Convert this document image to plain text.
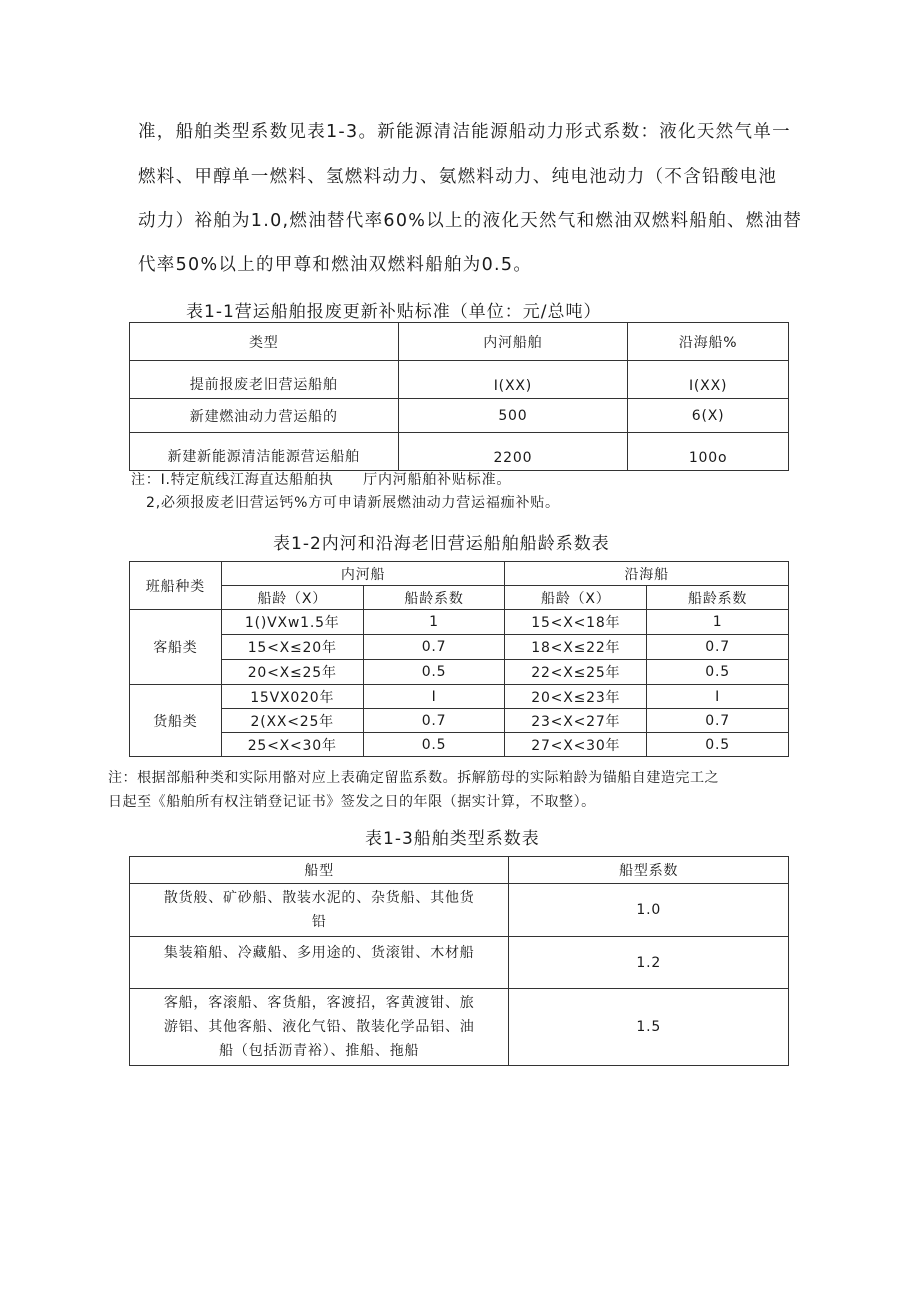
准，船舶类型系数见表1-3。新能源清洁能源船动力形式系数：液化天然气单一
燃料、甲醇单一燃料、氢燃料动力、氨燃料动力、纯电池动力（不含铅酸电池
动力）裕舶为1.0,燃油替代率60%以上的液化天然气和燃油双燃料船舶、燃油替
代率50%以上的甲尊和燃油双燃料船舶为0.5。
表1-1营运船舶报废更新补贴标准（单位：元/总吨）
类型	内河船舶	沿海船%
提前报废老旧营运船舶	I(XX)	I(XX)
新建燃油动力营运船的	500	6(X)
新建新能源清洁能源营运船舶	2200	100o
注：I.特定航线江海直达船舶执　　厅内河船舶补贴标准。
2,必须报废老旧营运钙%方可申请新展燃油动力营运福痂补贴。
表1-2内河和沿海老旧营运船舶船龄系数表
班船种类	内河船		沿海船	
	船龄（X）	船龄系数	船龄（X）	船龄系数
客船类	1()VXw1.5年	1	15<X<18年	1
	15<X≤20年	0.7	18<X≤22年	0.7
	20<X≤25年	0.5	22<X≤25年	0.5
货船类	15VX020年	I	20<X≤23年	I
	2(XX<25年	0.7	23<X<27年	0.7
	25<X<30年	0.5	27<X<30年	0.5
注：根据部船种类和实际用骼对应上表确定留监系数。拆解筋母的实际粕龄为锚船自建造完工之
日起至《船舶所有权注销登记证书》签发之日的年限（据实计算，不取整）。
表1-3船舶类型系数表
船型	船型系数

散货般、矿砂船、散装水泥的、杂货船、其他货
铅	1.0

集装箱船、冷藏船、多用途的、货滚钳、木材船	1.2

客船，客滚船、客货船，客渡招，客黄渡钳、旅
游铝、其他客船、液化气铅、散装化学品铝、油
船（包括沥青裕）、推船、拖船	1.5
